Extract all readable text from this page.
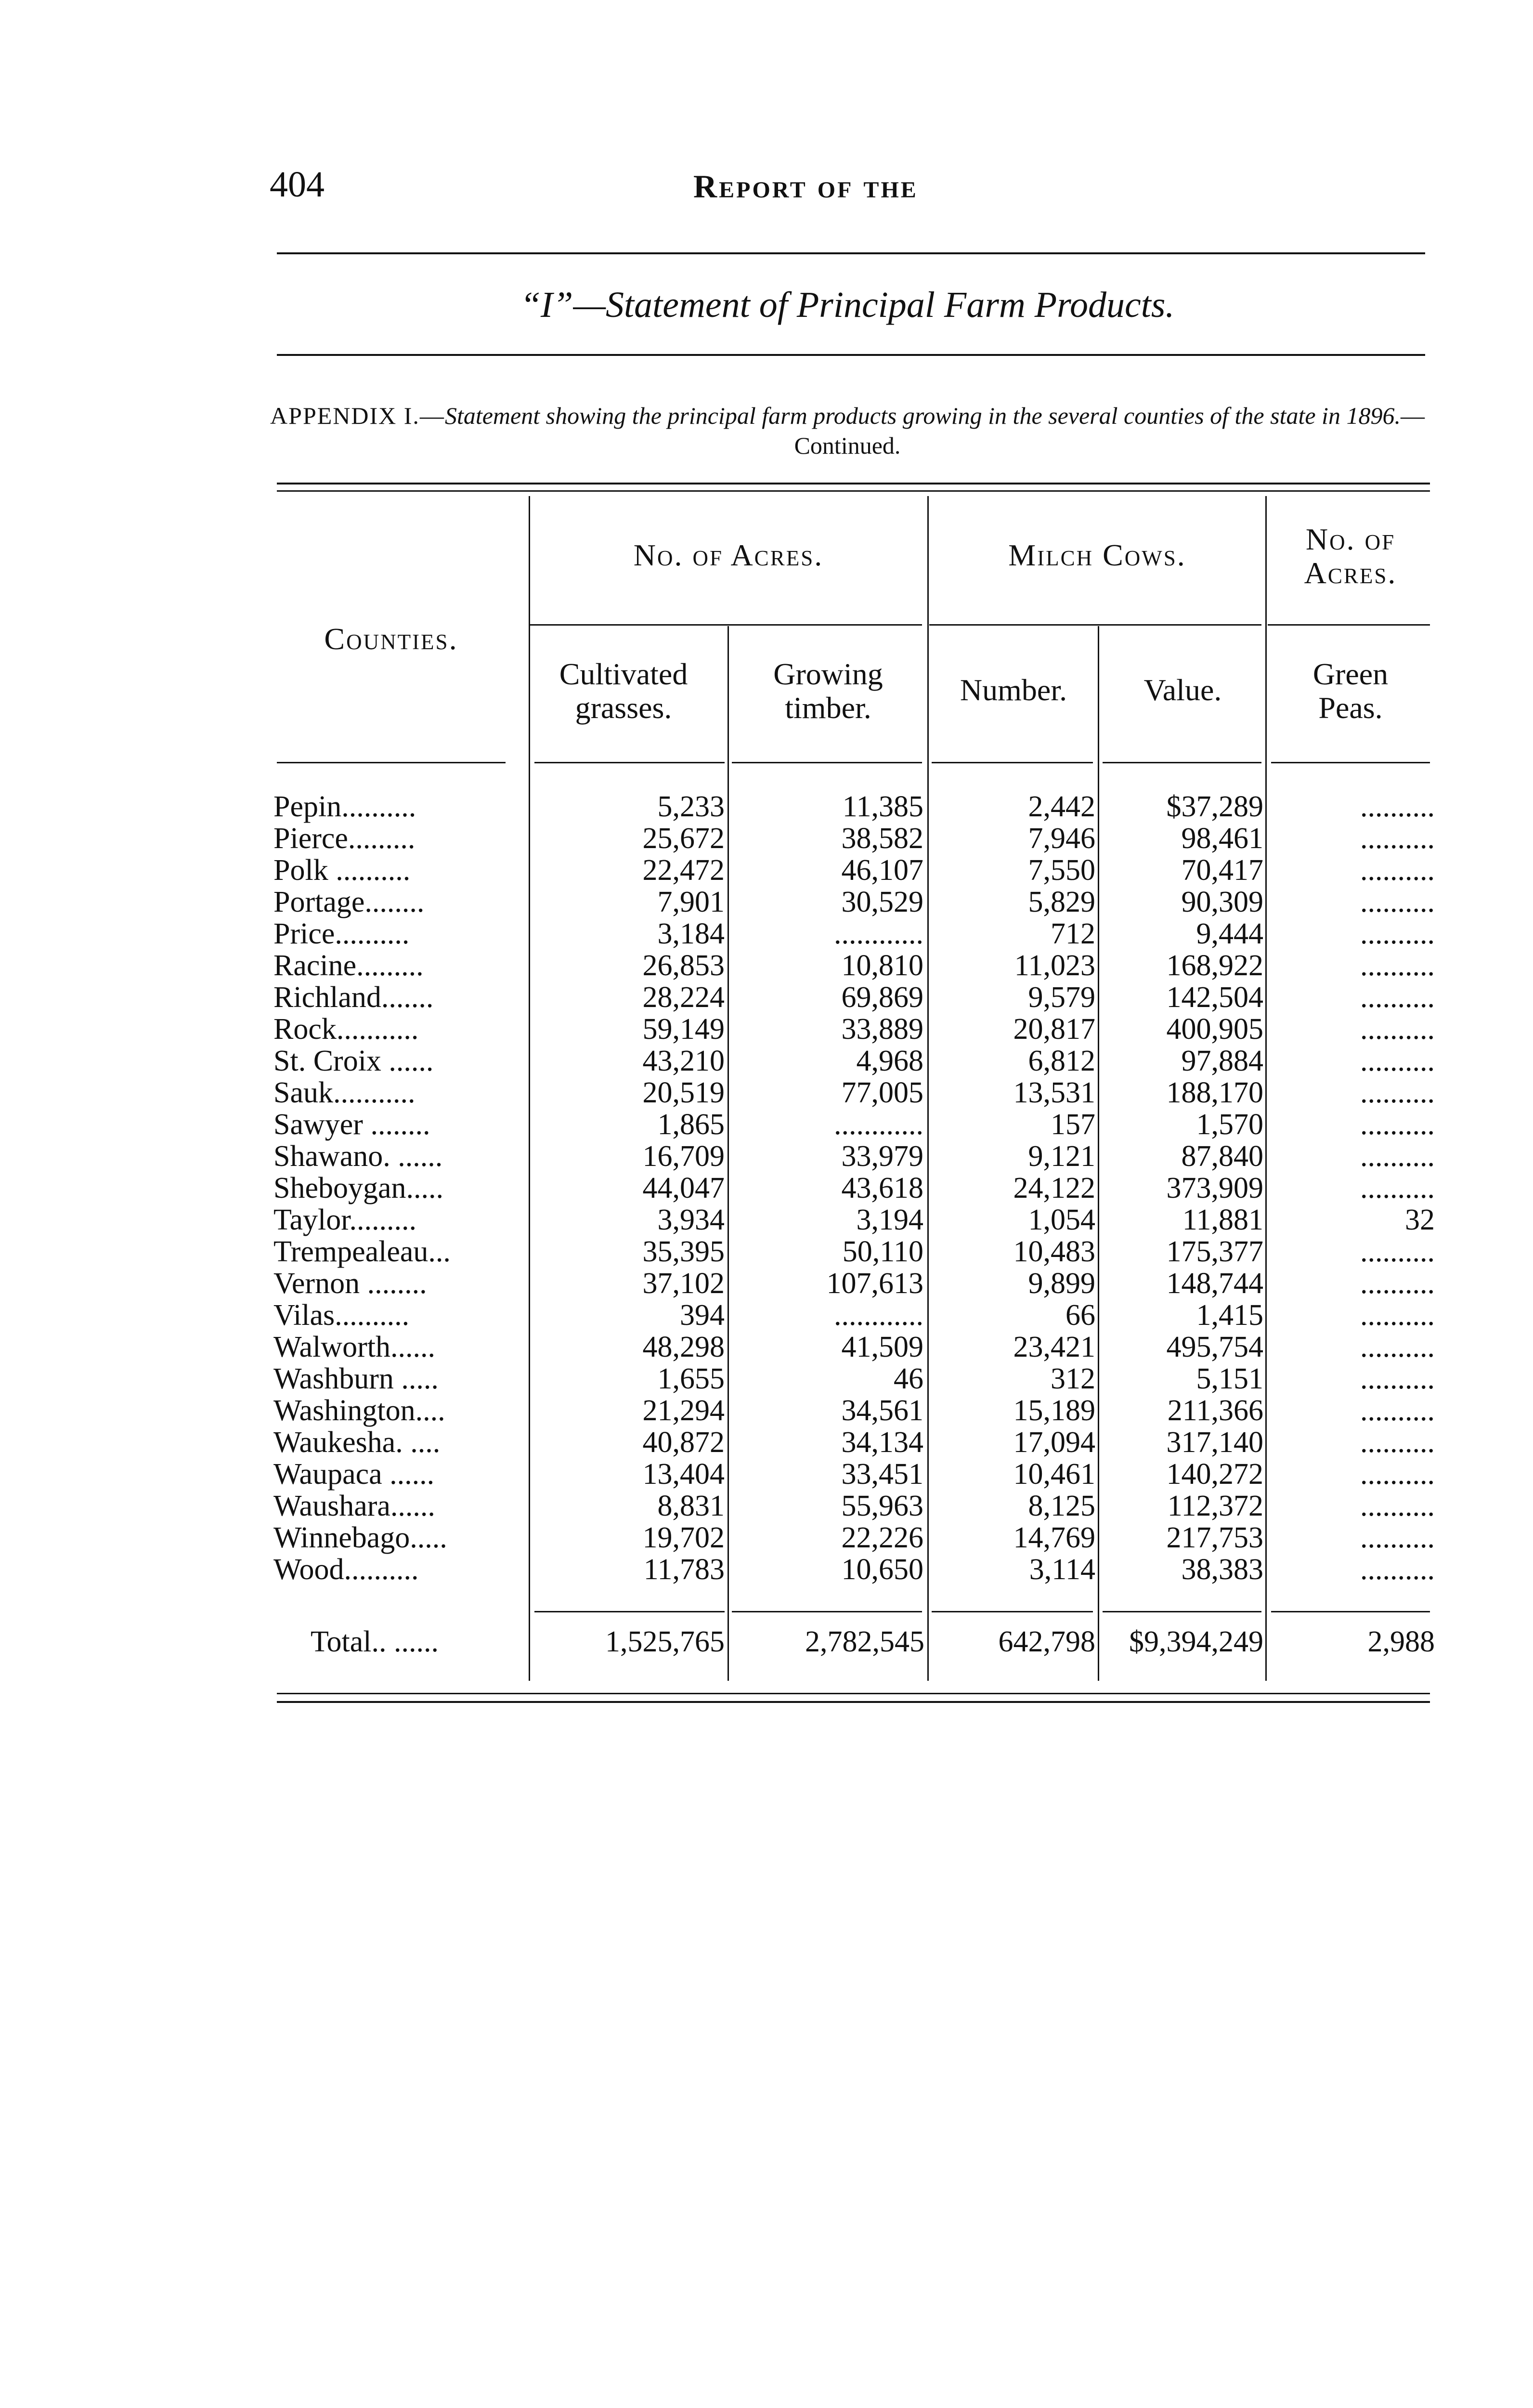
404	Report of the
“I”—Statement of Principal Farm Products.
APPENDIX I.—Statement showing the principal farm products growing in the several counties of the state in 1896.—Continued.
Counties.
No. of Acres.	Milch Cows.	No. of Acres.
Cultivated grasses.
Growing timber.
Number.	Value.	Green Peas.
Pepin..........	5,233	11,385	2,442	$37,289	..........
Pierce.........	25,672	38,582	7,946	98,461	..........
Polk ..........	22,472	46,107	7,550	70,417	..........
Portage........	7,901	30,529	5,829	90,309	..........
Price..........	3,184	............	712	9,444	..........
Racine.........	26,853	10,810	11,023	168,922	..........
Richland.......	28,224	69,869	9,579	142,504	..........
Rock...........	59,149	33,889	20,817	400,905	..........
St. Croix ......	43,210	4,968	6,812	97,884	..........
Sauk...........	20,519	77,005	13,531	188,170	..........
Sawyer ........	1,865	............	157	1,570	..........
Shawano. ......	16,709	33,979	9,121	87,840	..........
Sheboygan.....	44,047	43,618	24,122	373,909	..........
Taylor.........	3,934	3,194	1,054	11,881	32
Trempealeau...	35,395	50,110	10,483	175,377	..........
Vernon ........	37,102	107,613	9,899	148,744	..........
Vilas..........	394	............	66	1,415	..........
Walworth......	48,298	41,509	23,421	495,754	..........
Washburn .....	1,655	46	312	5,151	..........
Washington....	21,294	34,561	15,189	211,366	..........
Waukesha. ....	40,872	34,134	17,094	317,140	..........
Waupaca ......	13,404	33,451	10,461	140,272	..........
Waushara......	8,831	55,963	8,125	112,372	..........
Winnebago.....	19,702	22,226	14,769	217,753	..........
Wood..........	11,783	10,650	3,114	38,383	..........
Total.. ......	1,525,765	2,782,545	642,798	$9,394,249	2,988
